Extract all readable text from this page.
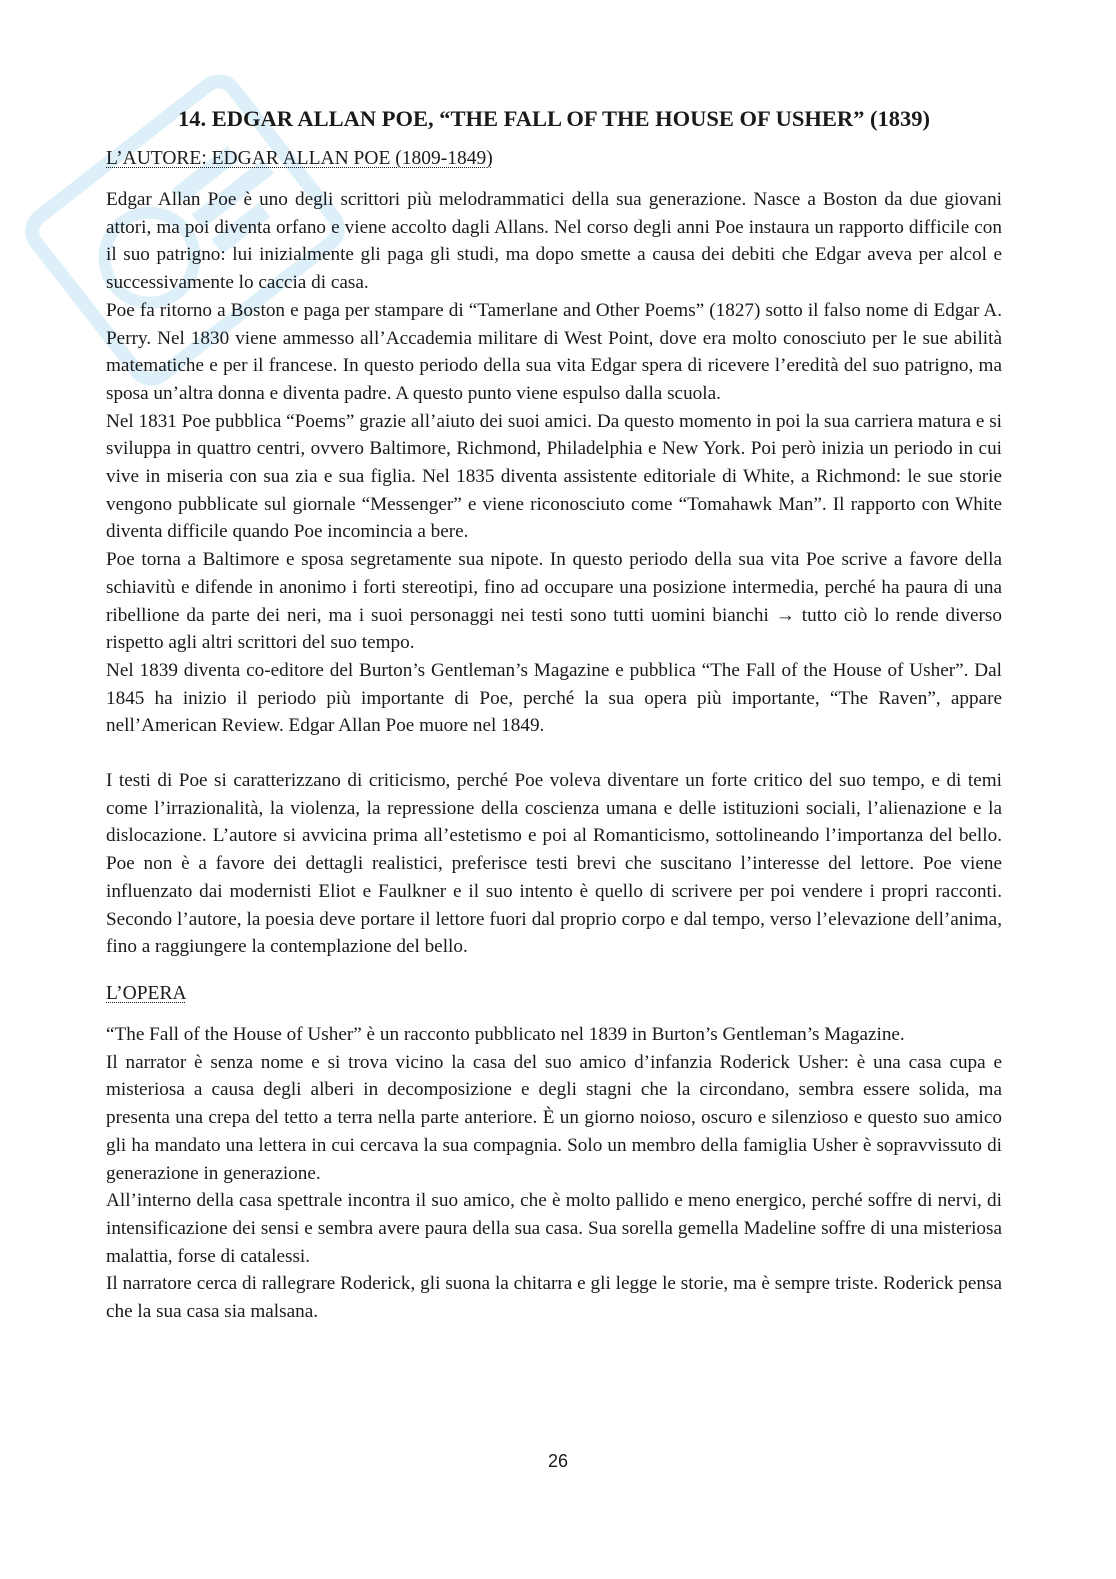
14. EDGAR ALLAN POE, “THE FALL OF THE HOUSE OF USHER” (1839)
L’AUTORE: EDGAR ALLAN POE (1809-1849)

Edgar Allan Poe è uno degli scrittori più melodrammatici della sua generazione. Nasce a Boston da due giovani attori, ma poi diventa orfano e viene accolto dagli Allans. Nel corso degli anni Poe instaura un rapporto difficile con il suo patrigno: lui inizialmente gli paga gli studi, ma dopo smette a causa dei debiti che Edgar aveva per alcol e successivamente lo caccia di casa.

Poe fa ritorno a Boston e paga per stampare di “Tamerlane and Other Poems” (1827) sotto il falso nome di Edgar A. Perry. Nel 1830 viene ammesso all’Accademia militare di West Point, dove era molto conosciuto per le sue abilità matematiche e per il francese. In questo periodo della sua vita Edgar spera di ricevere l’eredità del suo patrigno, ma sposa un’altra donna e diventa padre. A questo punto viene espulso dalla scuola.

Nel 1831 Poe pubblica “Poems” grazie all’aiuto dei suoi amici. Da questo momento in poi la sua carriera matura e si sviluppa in quattro centri, ovvero Baltimore, Richmond, Philadelphia e New York. Poi però inizia un periodo in cui vive in miseria con sua zia e sua figlia. Nel 1835 diventa assistente editoriale di White, a Richmond: le sue storie vengono pubblicate sul giornale “Messenger” e viene riconosciuto come “Tomahawk Man”. Il rapporto con White diventa difficile quando Poe incomincia a bere.

Poe torna a Baltimore e sposa segretamente sua nipote. In questo periodo della sua vita Poe scrive a favore della schiavitù e difende in anonimo i forti stereotipi, fino ad occupare una posizione intermedia, perché ha paura di una ribellione da parte dei neri, ma i suoi personaggi nei testi sono tutti uomini bianchi → tutto ciò lo rende diverso rispetto agli altri scrittori del suo tempo.

Nel 1839 diventa co-editore del Burton’s Gentleman’s Magazine e pubblica “The Fall of the House of Usher”. Dal 1845 ha inizio il periodo più importante di Poe, perché la sua opera più importante, “The Raven”, appare nell’American Review. Edgar Allan Poe muore nel 1849.

I testi di Poe si caratterizzano di criticismo, perché Poe voleva diventare un forte critico del suo tempo, e di temi come l’irrazionalità, la violenza, la repressione della coscienza umana e delle istituzioni sociali, l’alienazione e la dislocazione. L’autore si avvicina prima all’estetismo e poi al Romanticismo, sottolineando l’importanza del bello. Poe non è a favore dei dettagli realistici, preferisce testi brevi che suscitano l’interesse del lettore. Poe viene influenzato dai modernisti Eliot e Faulkner e il suo intento è quello di scrivere per poi vendere i propri racconti. Secondo l’autore, la poesia deve portare il lettore fuori dal proprio corpo e dal tempo, verso l’elevazione dell’anima, fino a raggiungere la contemplazione del bello.

L’OPERA

“The Fall of the House of Usher” è un racconto pubblicato nel 1839 in Burton’s Gentleman’s Magazine.

Il narrator è senza nome e si trova vicino la casa del suo amico d’infanzia Roderick Usher: è una casa cupa e misteriosa a causa degli alberi in decomposizione e degli stagni che la circondano, sembra essere solida, ma presenta una crepa del tetto a terra nella parte anteriore. È un giorno noioso, oscuro e silenzioso e questo suo amico gli ha mandato una lettera in cui cercava la sua compagnia. Solo un membro della famiglia Usher è sopravvissuto di generazione in generazione.

All’interno della casa spettrale incontra il suo amico, che è molto pallido e meno energico, perché soffre di nervi, di intensificazione dei sensi e sembra avere paura della sua casa. Sua sorella gemella Madeline soffre di una misteriosa malattia, forse di catalessi.

Il narratore cerca di rallegrare Roderick, gli suona la chitarra e gli legge le storie, ma è sempre triste. Roderick pensa che la sua casa sia malsana.

26
